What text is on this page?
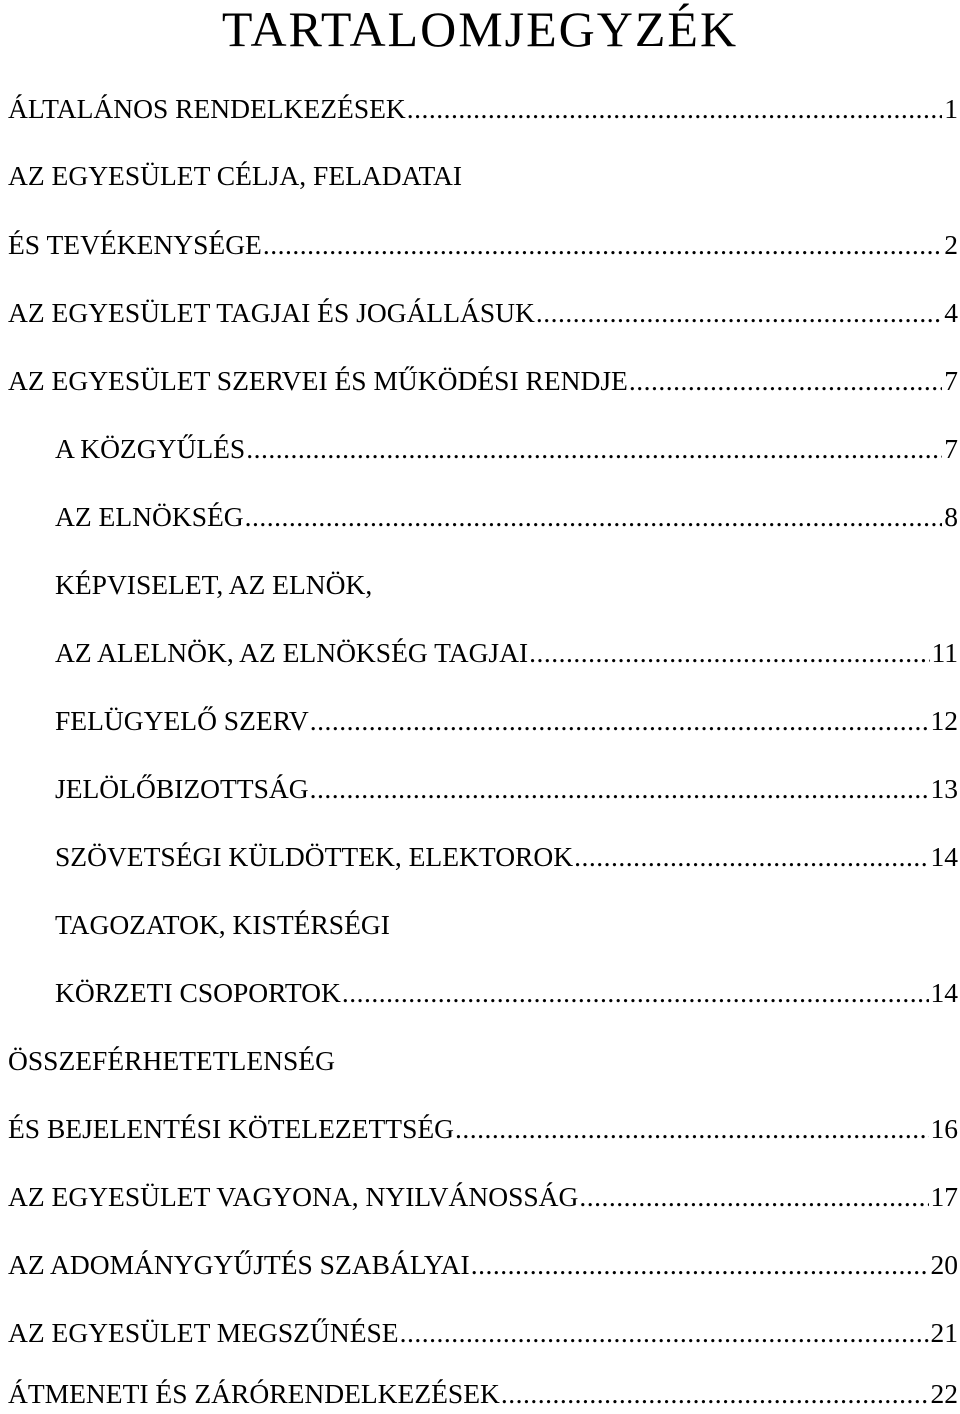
TARTALOMJEGYZÉK
ÁLTALÁNOS RENDELKEZÉSEK .....	1
AZ EGYESÜLET CÉLJA, FELADATAI
ÉS TEVÉKENYSÉGE .....	2
AZ EGYESÜLET TAGJAI ÉS JOGÁLLÁSUK .....	4
AZ EGYESÜLET SZERVEI ÉS MŰKÖDÉSI RENDJE .....	7
A KÖZGYŰLÉS .....	7
AZ ELNÖKSÉG .....	8
KÉPVISELET, AZ ELNÖK,
AZ ALELNÖK, AZ ELNÖKSÉG TAGJAI .....	11
FELÜGYELŐ SZERV .....	12
JELÖLŐBIZOTTSÁG .....	13
SZÖVETSÉGI KÜLDÖTTEK, ELEKTOROK .....	14
TAGOZATOK, KISTÉRSÉGI
KÖRZETI CSOPORTOK .....	14
ÖSSZEFÉRHETETLENSÉG
ÉS BEJELENTÉSI KÖTELEZETTSÉG .....	16
AZ EGYESÜLET VAGYONA, NYILVÁNOSSÁG .....	17
AZ ADOMÁNYGYŰJTÉS SZABÁLYAI .....	20
AZ EGYESÜLET MEGSZŰNÉSE .....	21
ÁTMENETI ÉS ZÁRÓRENDELKEZÉSEK .....	22
